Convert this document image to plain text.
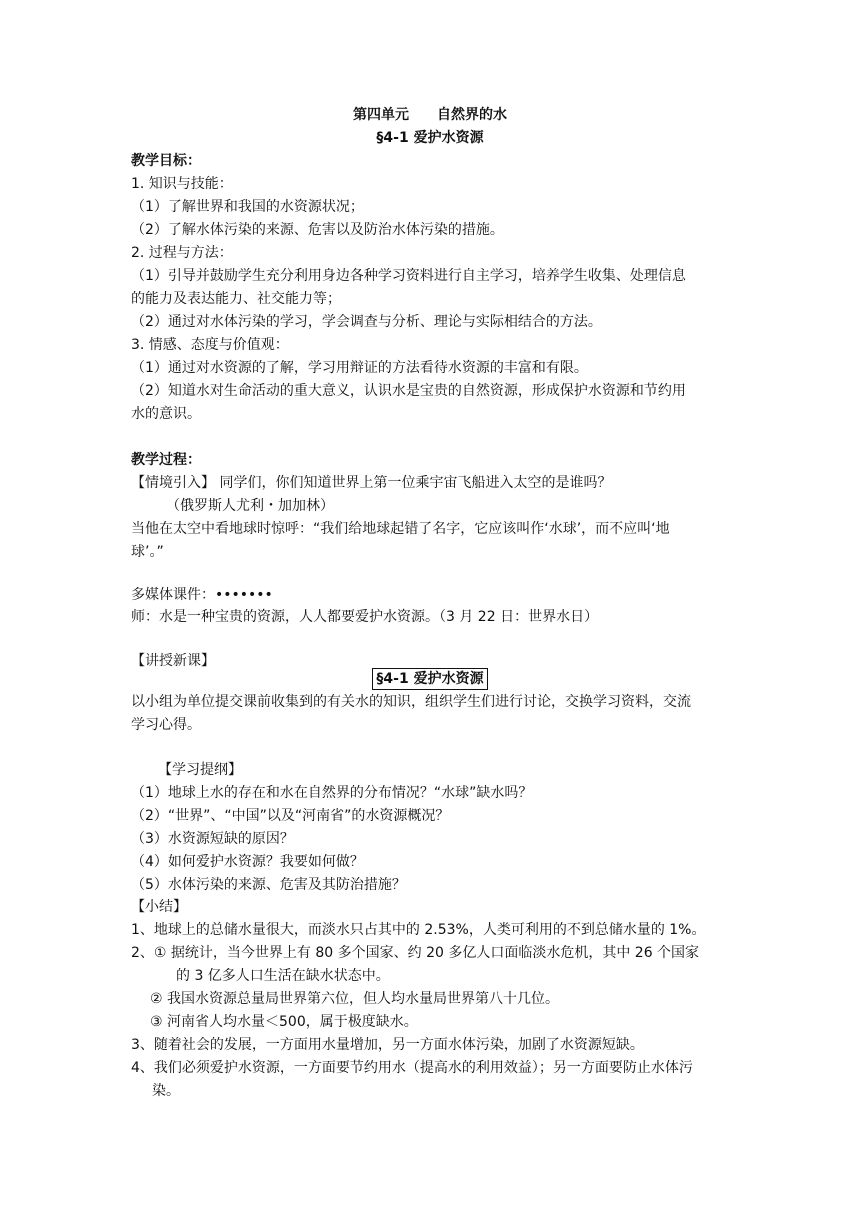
第四单元 自然界的水
§4-1 爱护水资源
教学目标：
1. 知识与技能：
（1）了解世界和我国的水资源状况；
（2）了解水体污染的来源、危害以及防治水体污染的措施。
2. 过程与方法：
（1）引导并鼓励学生充分利用身边各种学习资料进行自主学习，培养学生收集、处理信息
的能力及表达能力、社交能力等；
（2）通过对水体污染的学习，学会调查与分析、理论与实际相结合的方法。
3. 情感、态度与价值观：
（1）通过对水资源的了解，学习用辩证的方法看待水资源的丰富和有限。
（2）知道水对生命活动的重大意义，认识水是宝贵的自然资源，形成保护水资源和节约用
水的意识。
教学过程：
【情境引入】 同学们，你们知道世界上第一位乘宇宙飞船进入太空的是谁吗？
（俄罗斯人尤利・加加林）
当他在太空中看地球时惊呼：“我们给地球起错了名字，它应该叫作‘水球’，而不应叫‘地
球’。”
多媒体课件：•••••••
师：水是一种宝贵的资源，人人都要爱护水资源。（3 月 22 日：世界水日）
【讲授新课】
§4-1 爱护水资源
以小组为单位提交课前收集到的有关水的知识，组织学生们进行讨论，交换学习资料，交流
学习心得。
【学习提纲】
（1）地球上水的存在和水在自然界的分布情况？“水球”缺水吗？
（2）“世界”、“中国”以及“河南省”的水资源概况？
（3）水资源短缺的原因？
（4）如何爱护水资源？我要如何做？
（5）水体污染的来源、危害及其防治措施？
【小结】
1、地球上的总储水量很大，而淡水只占其中的 2.53%，人类可利用的不到总储水量的 1%。
2、① 据统计，当今世界上有 80 多个国家、约 20 多亿人口面临淡水危机，其中 26 个国家
的 3 亿多人口生活在缺水状态中。
② 我国水资源总量局世界第六位，但人均水量局世界第八十几位。
③ 河南省人均水量＜500，属于极度缺水。
3、随着社会的发展，一方面用水量增加，另一方面水体污染，加剧了水资源短缺。
4、我们必须爱护水资源，一方面要节约用水（提高水的利用效益）；另一方面要防止水体污
染。
